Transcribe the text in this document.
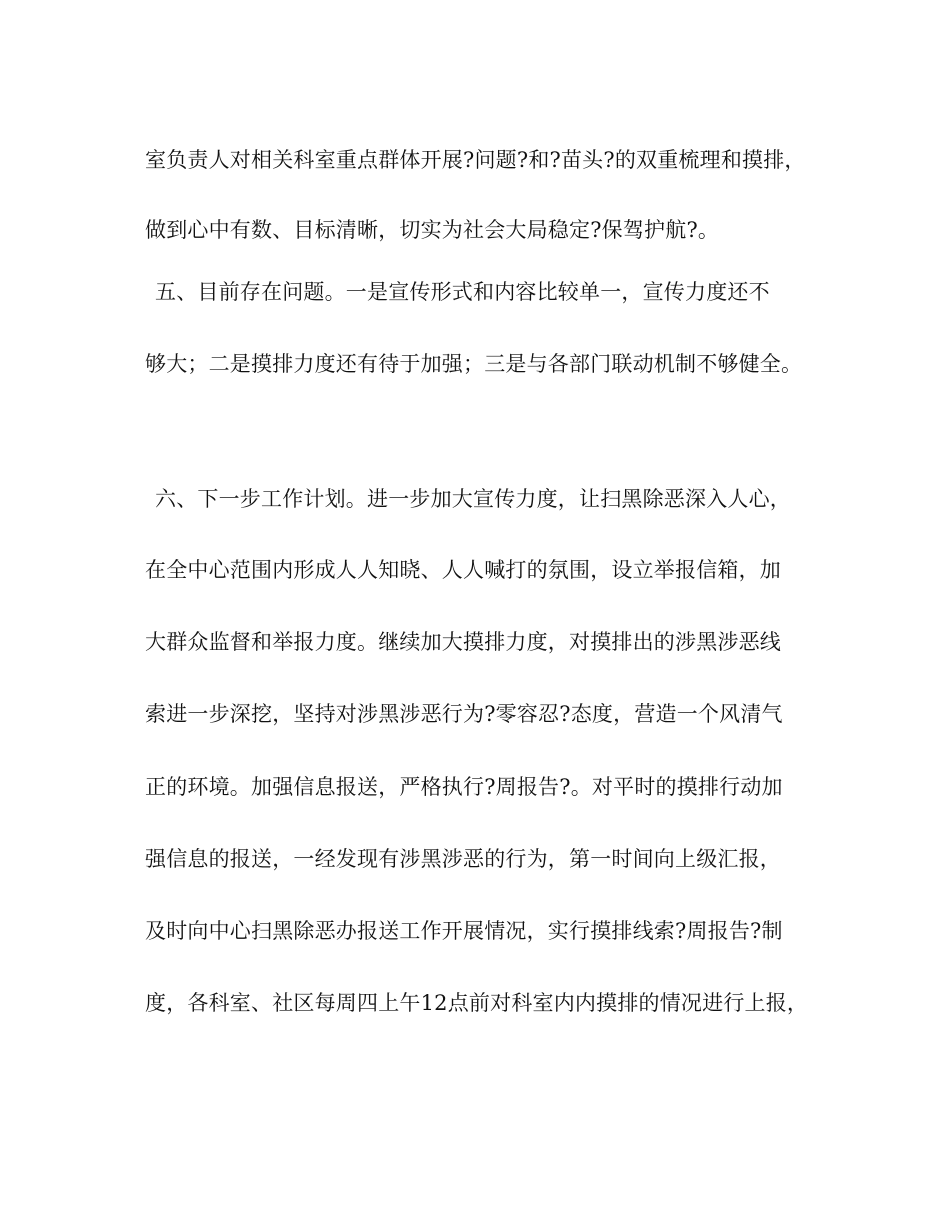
室负责人对相关科室重点群体开展?问题?和?苗头?的双重梳理和摸排，
做到心中有数、目标清晰，切实为社会大局稳定?保驾护航?。
五、目前存在问题。一是宣传形式和内容比较单一，宣传力度还不
够大；二是摸排力度还有待于加强；三是与各部门联动机制不够健全。
六、下一步工作计划。进一步加大宣传力度，让扫黑除恶深入人心，
在全中心范围内形成人人知晓、人人喊打的氛围，设立举报信箱，加
大群众监督和举报力度。继续加大摸排力度，对摸排出的涉黑涉恶线
索进一步深挖，坚持对涉黑涉恶行为?零容忍?态度，营造一个风清气
正的环境。加强信息报送，严格执行?周报告?。对平时的摸排行动加
强信息的报送，一经发现有涉黑涉恶的行为，第一时间向上级汇报，
及时向中心扫黑除恶办报送工作开展情况，实行摸排线索?周报告?制
度，各科室、社区每周四上午12点前对科室内内摸排的情况进行上报，
